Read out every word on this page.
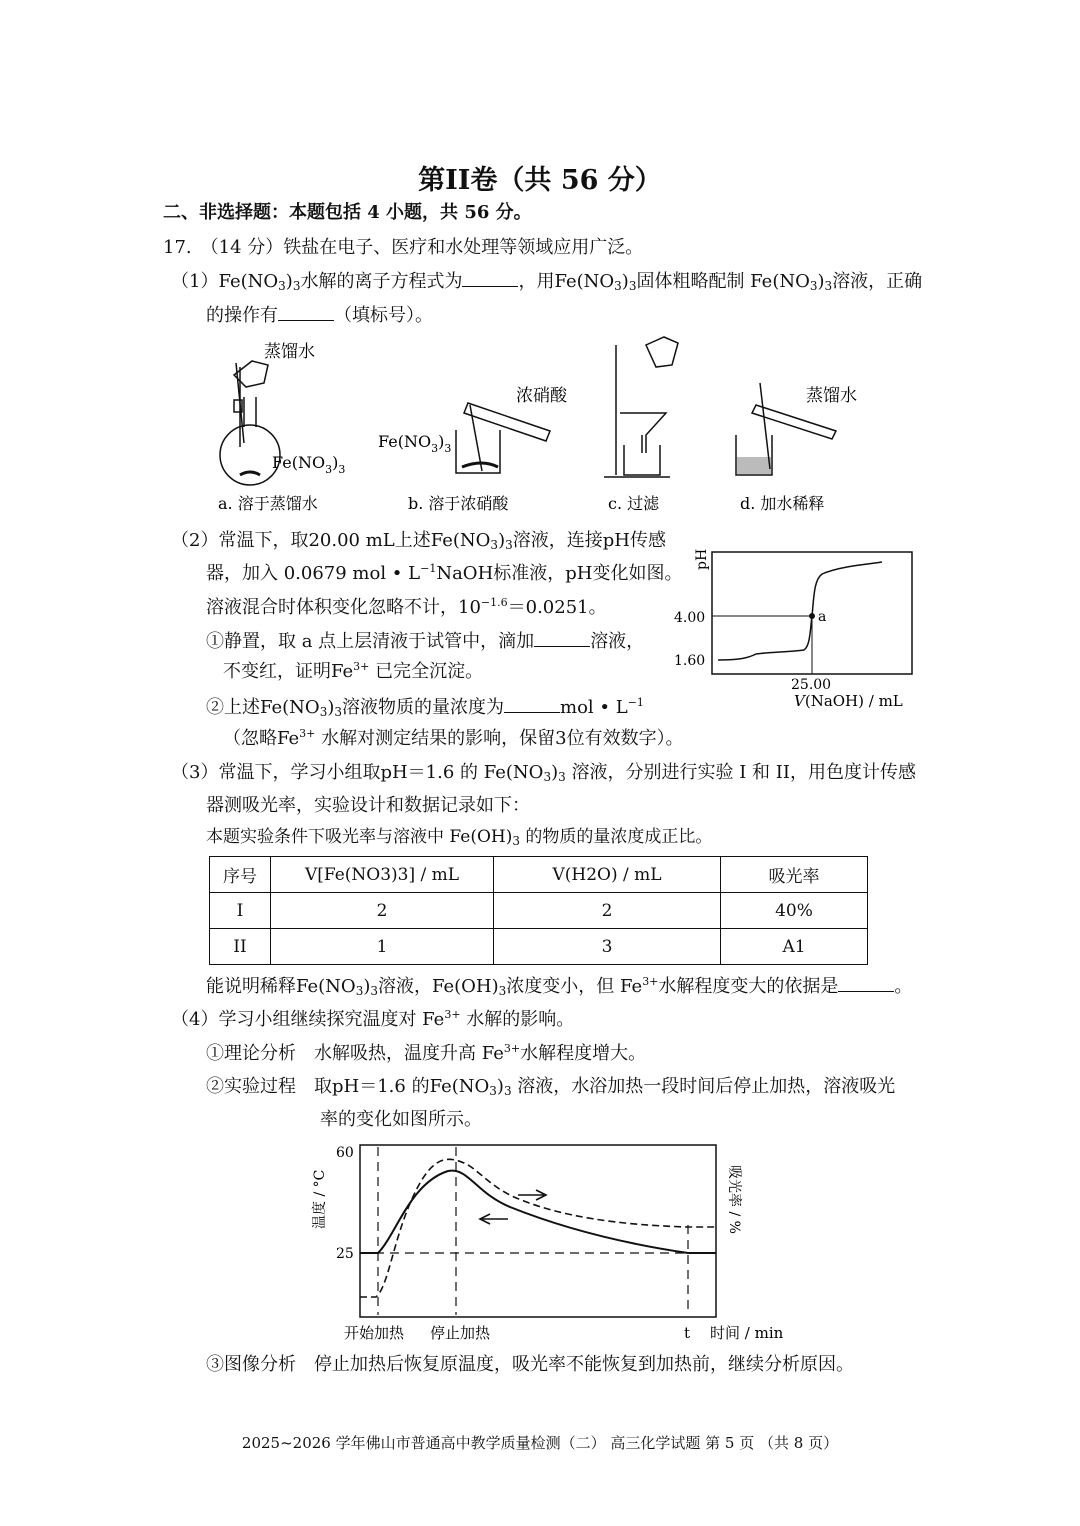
第II卷（共 56 分）
二、非选择题：本题包括 4 小题，共 56 分。
17.　（14 分）铁盐在电子、医疗和水处理等领域应用广泛。
$(1)Fe(NO_3)_3$水解的离子方程式为	，用$Fe(NO_3)_3$固体粗略配制 $Fe(NO_3)_3$溶液，正确
的操作有	（填标号）。
蒸馏水
$Fe(NO_3)_3$
浓硝酸
$Fe(NO_3)_3$
蒸馏水
a. 溶于蒸馏水	b. 溶于浓硝酸	c. 过滤	d. 加水稀释
（2）常温下，取20.00 mL上述$Fe(NO_3)_3$溶液，连接pH传感
器，加入 0.0679 mol • $L^{-1}NaOH$标准液，pH变化如图。
溶液混合时体积变化忽略不计，$10^{-1.6}=0.0251$。
①静置，取 a 点上层清液于试管中，滴加	溶液，
不变红，证明$Fe^{3+}$ 已完全沉淀。
②上述$Fe(NO_3)_3$溶液物质的量浓度为	mol • $L^{-1}$
（忽略$Fe^{3+}$ 水解对测定结果的影响，保留3位有效数字）。
a
pH
4.00
1.60
25.00
V(NaOH) / mL
（3）常温下，学习小组取pH＝1.6 的 $Fe(NO_3)_3$ 溶液，分别进行实验 I 和 II，用色度计传感
器测吸光率，实验设计和数据记录如下：
本题实验条件下吸光率与溶液中 $Fe(OH)_3$ 的物质的量浓度成正比。
序号	V[Fe(NO3)3] / mL	V(H2O) / mL	吸光率
I	2	2	40%
II	1	3	A1
能说明稀释$Fe(NO_3)_3$溶液，$Fe(OH)_3$浓度变小，但 $Fe^{3+}$水解程度变大的依据是	。
（4）学习小组继续探究温度对 $Fe^{3+}$ 水解的影响。
①理论分析　水解吸热，温度升高 $Fe^{3+}$水解程度增大。
②实验过程　取pH＝1.6 的$Fe(NO_3)_3$ 溶液，水浴加热一段时间后停止加热，溶液吸光
率的变化如图所示。
60
25
温度 / °C	吸光率 / %
开始加热 停止加热	t 时间 / min
③图像分析　停止加热后恢复原温度，吸光率不能恢复到加热前，继续分析原因。
2025~2026 学年佛山市普通高中教学质量检测（二） 高三化学试题 第 5 页 （共 8 页）
